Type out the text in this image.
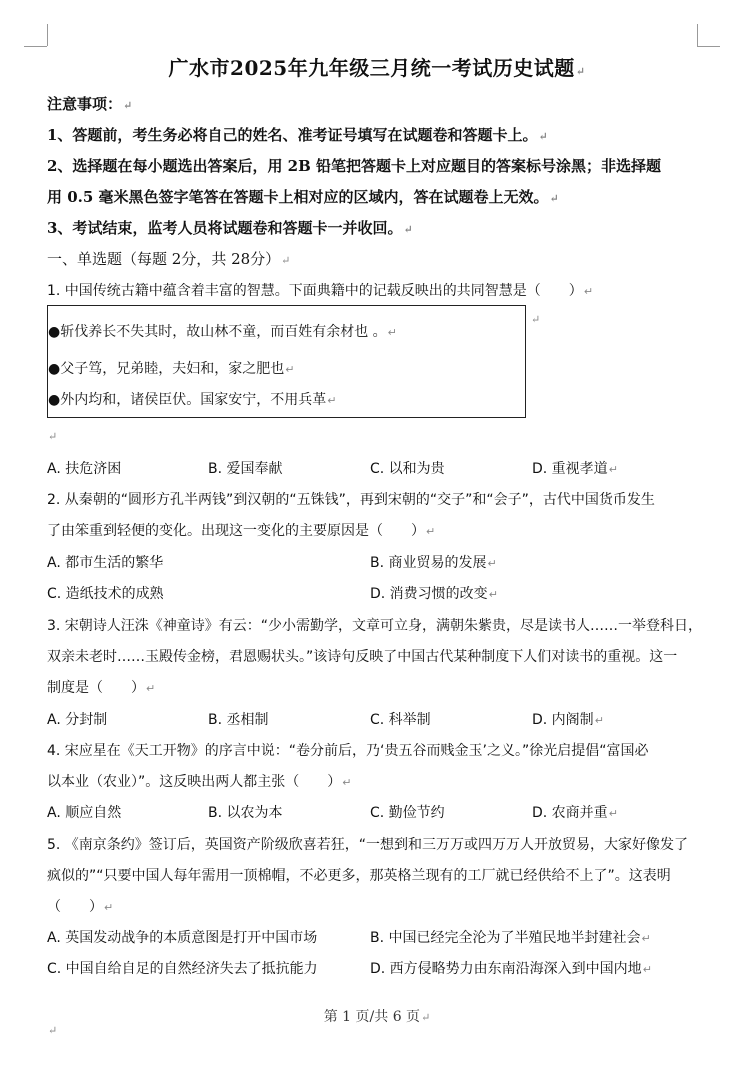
广水市2025年九年级三月统一考试历史试题↵
注意事项：↵
1、答题前，考生务必将自己的姓名、准考证号填写在试题卷和答题卡上。↵
2、选择题在每小题选出答案后，用 2B 铅笔把答题卡上对应题目的答案标号涂黑；非选择题
用 0.5 毫米黑色签字笔答在答题卡上相对应的区域内，答在试题卷上无效。↵
3、考试结束，监考人员将试题卷和答题卡一并收回。↵
一、单选题（每题 2分，共 28分）↵
1. 中国传统古籍中蕴含着丰富的智慧。下面典籍中的记载反映出的共同智慧是（　　）↵
●斩伐养长不失其时，故山林不童，而百姓有余材也 。↵
●父子笃，兄弟睦，夫妇和，家之肥也↵
●外内均和，诸侯臣伏。国家安宁，不用兵革↵
↵
↵
A. 扶危济困	B. 爱国奉献	C. 以和为贵	D. 重视孝道↵
2. 从秦朝的“圆形方孔半两钱”到汉朝的“五铢钱”，再到宋朝的“交子”和“会子”，古代中国货币发生
了由笨重到轻便的变化。出现这一变化的主要原因是（　　）↵
A. 都市生活的繁华	B. 商业贸易的发展↵
C. 造纸技术的成熟	D. 消费习惯的改变↵
3. 宋朝诗人汪洙《神童诗》有云：“少小需勤学，文章可立身，满朝朱紫贵，尽是读书人……一举登科日，
双亲未老时……玉殿传金榜，君恩赐状头。”该诗句反映了中国古代某种制度下人们对读书的重视。这一
制度是（　　）↵
A. 分封制	B. 丞相制	C. 科举制	D. 内阁制↵
4. 宋应星在《天工开物》的序言中说：“卷分前后，乃‘贵五谷而贱金玉’之义。”徐光启提倡“富国必
以本业（农业）”。这反映出两人都主张（　　）↵
A. 顺应自然	B. 以农为本	C. 勤俭节约	D. 农商并重↵
5. 《南京条约》签订后，英国资产阶级欣喜若狂，“一想到和三万万或四万万人开放贸易，大家好像发了
疯似的”“只要中国人每年需用一顶棉帽，不必更多，那英格兰现有的工厂就已经供给不上了”。这表明
（　　）↵
A. 英国发动战争的本质意图是打开中国市场	B. 中国已经完全沦为了半殖民地半封建社会↵
C. 中国自给自足的自然经济失去了抵抗能力	D. 西方侵略势力由东南沿海深入到中国内地↵
第 1 页/共 6 页↵
↵
